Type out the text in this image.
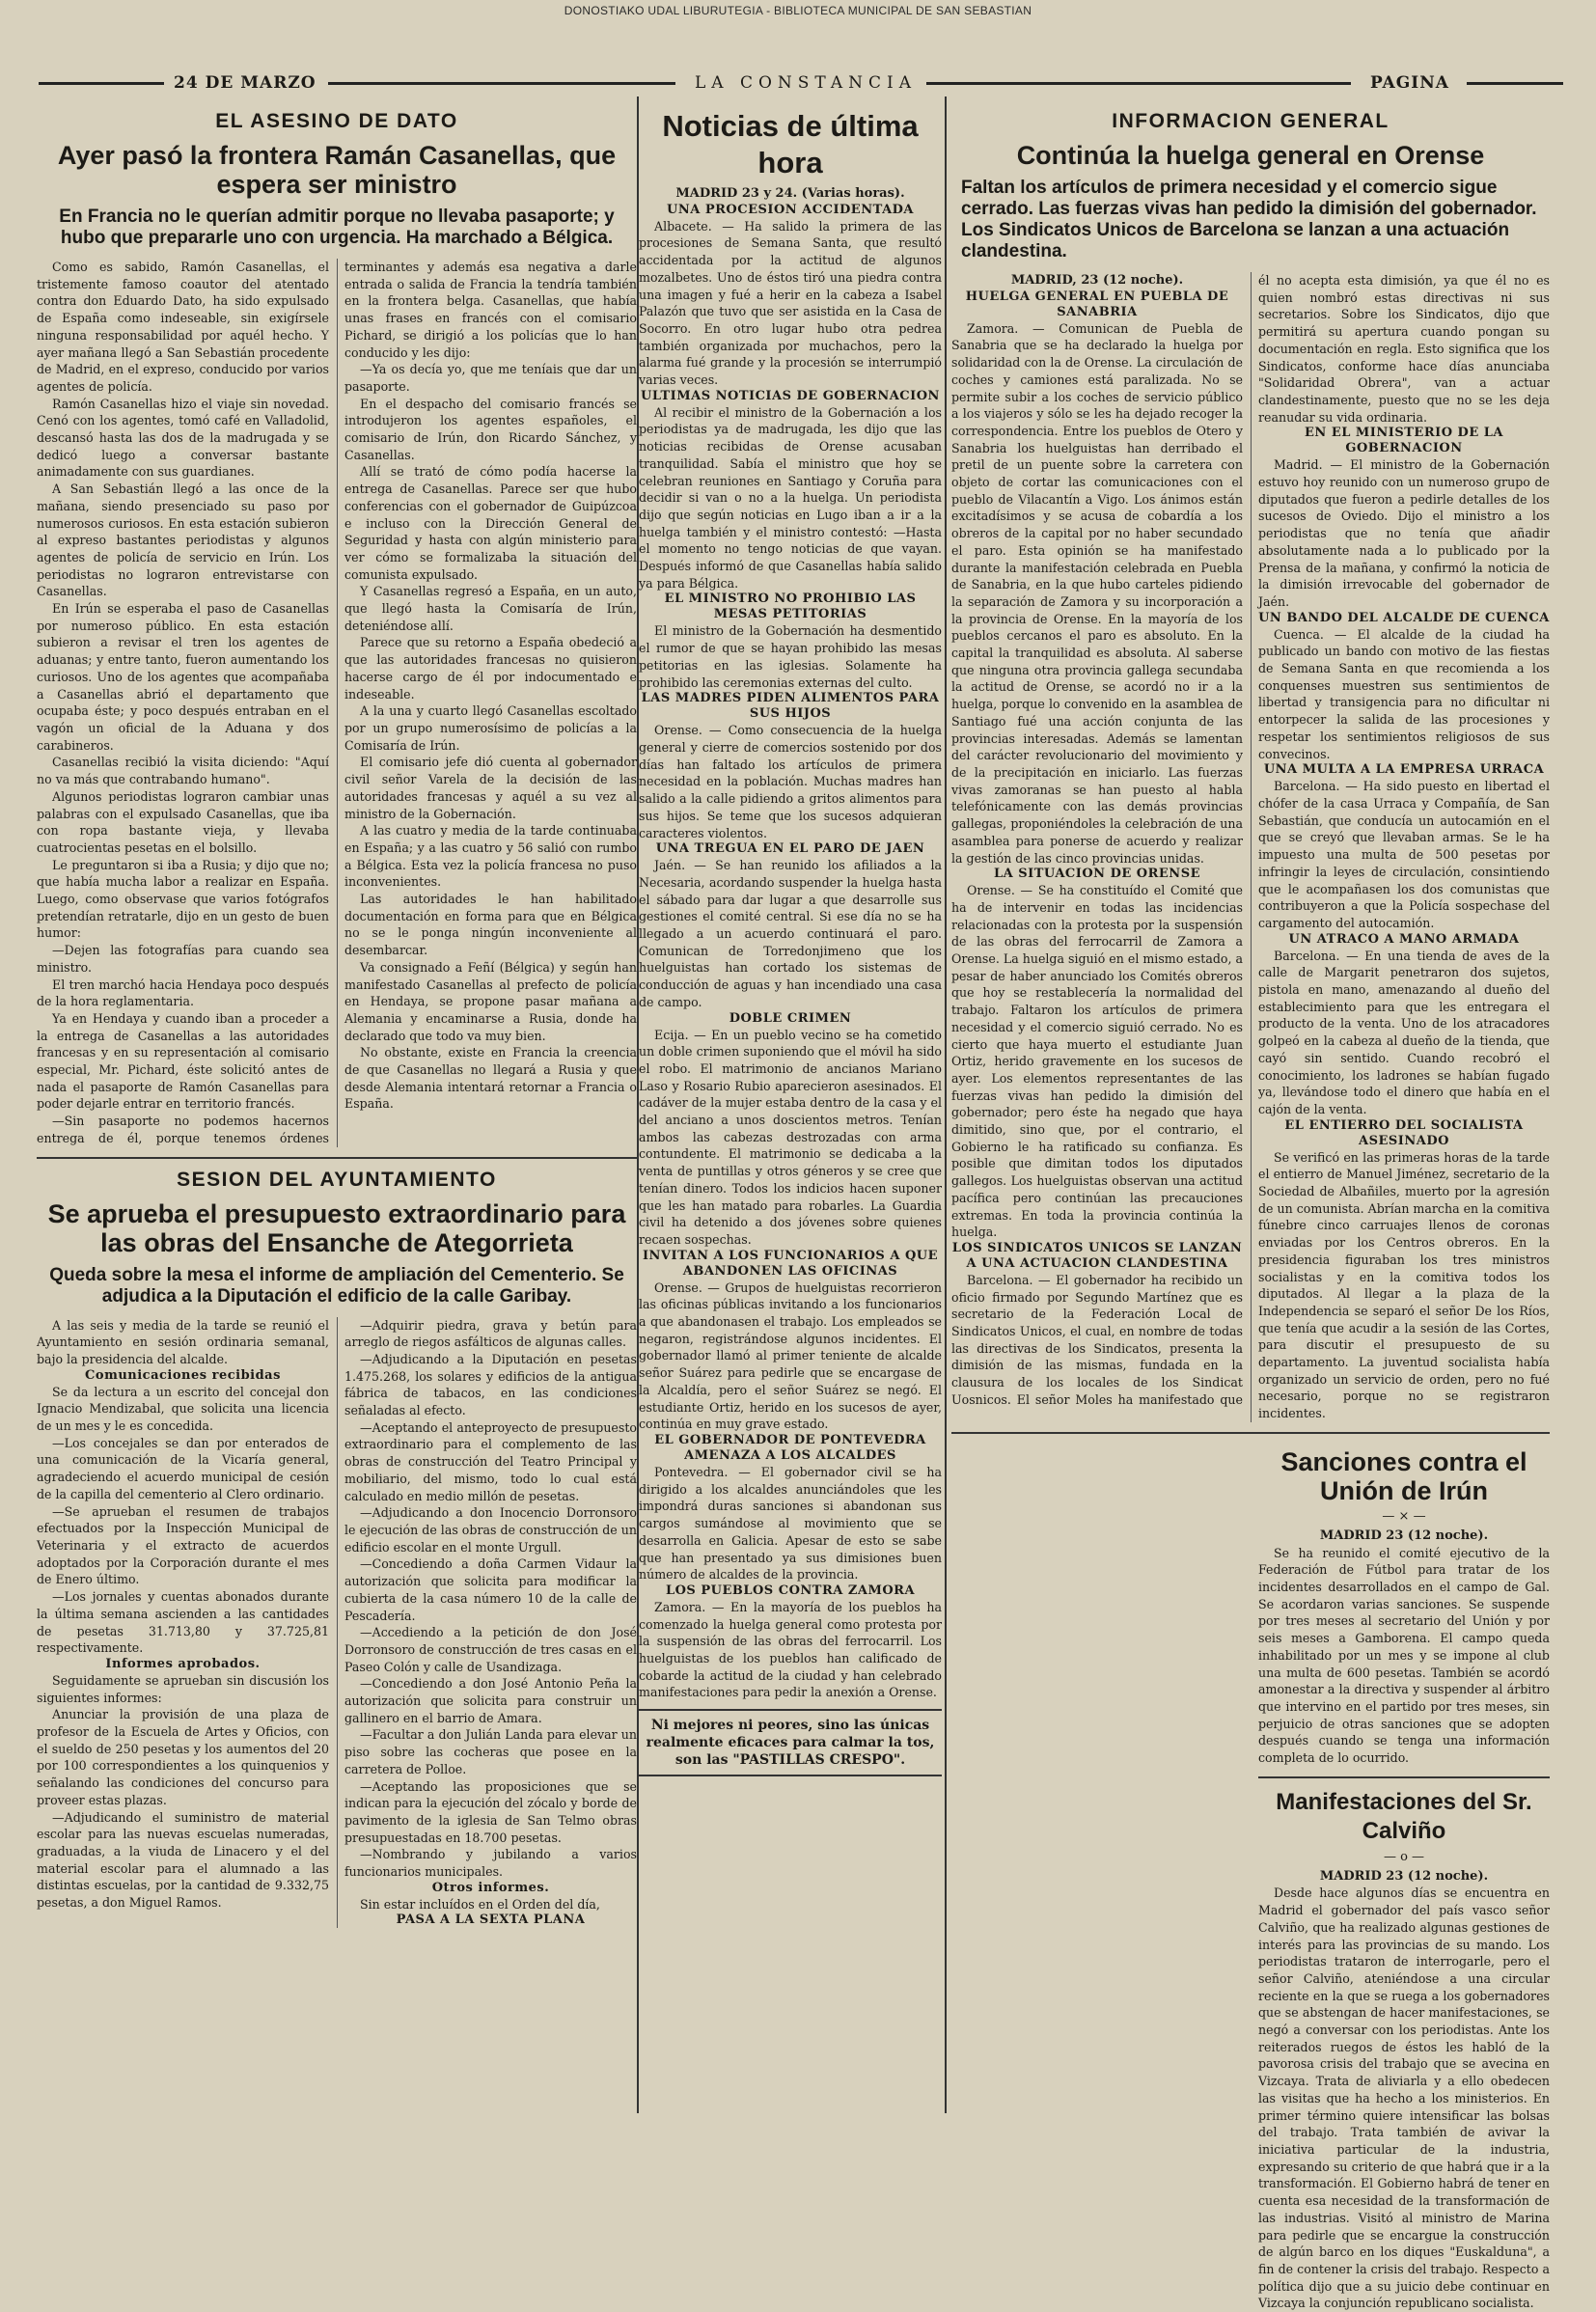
DONOSTIAKO UDAL LIBURUTEGIA - BIBLIOTECA MUNICIPAL DE SAN SEBASTIAN
24 DE MARZO	LA CONSTANCIA	PAGINA
EL ASESINO DE DATO
Ayer pasó la frontera Ramán Casanellas, que espera ser ministro
En Francia no le querían admitir porque no llevaba pasaporte; y hubo que prepararle uno con urgencia. Ha marchado a Bélgica.

Como es sabido, Ramón Casanellas, el tristemente famoso coautor del atentado contra don Eduardo Dato, ha sido expulsado de España como indeseable, sin exigírsele ninguna responsabilidad por aquél hecho. Y ayer mañana llegó a San Sebastián procedente de Madrid, en el expreso, conducido por varios agentes de policía.

Ramón Casanellas hizo el viaje sin novedad. Cenó con los agentes, tomó café en Valladolid, descansó hasta las dos de la madrugada y se dedicó luego a conversar bastante animadamente con sus guardianes.

A San Sebastián llegó a las once de la mañana, siendo presenciado su paso por numerosos curiosos. En esta estación subieron al expreso bastantes periodistas y algunos agentes de policía de servicio en Irún. Los periodistas no lograron entrevistarse con Casanellas.

En Irún se esperaba el paso de Casanellas por numeroso público. En esta estación subieron a revisar el tren los agentes de aduanas; y entre tanto, fueron aumentando los curiosos. Uno de los agentes que acompañaba a Casanellas abrió el departamento que ocupaba éste; y poco después entraban en el vagón un oficial de la Aduana y dos carabineros.

Casanellas recibió la visita diciendo: "Aquí no va más que contrabando humano".

Algunos periodistas lograron cambiar unas palabras con el expulsado Casanellas, que iba con ropa bastante vieja, y llevaba cuatrocientas pesetas en el bolsillo.

Le preguntaron si iba a Rusia; y dijo que no; que había mucha labor a realizar en España. Luego, como observase que varios fotógrafos pretendían retratarle, dijo en un gesto de buen humor:

—Dejen las fotografías para cuando sea ministro.

El tren marchó hacia Hendaya poco después de la hora reglamentaria.

Ya en Hendaya y cuando iban a proceder a la entrega de Casanellas a las autoridades francesas y en su representación al comisario especial, Mr. Pichard, éste solicitó antes de nada el pasaporte de Ramón Casanellas para poder dejarle entrar en territorio francés.

—Sin pasaporte no podemos hacernos entrega de él, porque tenemos órdenes terminantes y además esa negativa a darle entrada o salida de Francia la tendría también en la frontera belga. Casanellas, que había unas frases en francés con el comisario Pichard, se dirigió a los policías que lo han conducido y les dijo:

—Ya os decía yo, que me teníais que dar un pasaporte.

En el despacho del comisario francés se introdujeron los agentes españoles, el comisario de Irún, don Ricardo Sánchez, y Casanellas.

Allí se trató de cómo podía hacerse la entrega de Casanellas. Parece ser que hubo conferencias con el gobernador de Guipúzcoa e incluso con la Dirección General de Seguridad y hasta con algún ministerio para ver cómo se formalizaba la situación del comunista expulsado.

Y Casanellas regresó a España, en un auto, que llegó hasta la Comisaría de Irún, deteniéndose allí.

Parece que su retorno a España obedeció a que las autoridades francesas no quisieron hacerse cargo de él por indocumentado e indeseable.

A la una y cuarto llegó Casanellas escoltado por un grupo numerosísimo de policías a la Comisaría de Irún.

El comisario jefe dió cuenta al gobernador civil señor Varela de la decisión de las autoridades francesas y aquél a su vez al ministro de la Gobernación.

A las cuatro y media de la tarde continuaba en España; y a las cuatro y 56 salió con rumbo a Bélgica. Esta vez la policía francesa no puso inconvenientes.

Las autoridades le han habilitado documentación en forma para que en Bélgica no se le ponga ningún inconveniente al desembarcar.

Va consignado a Feñí (Bélgica) y según han manifestado Casanellas al prefecto de policía en Hendaya, se propone pasar mañana a Alemania y encaminarse a Rusia, donde ha declarado que todo va muy bien.

No obstante, existe en Francia la creencia de que Casanellas no llegará a Rusia y que desde Alemania intentará retornar a Francia o España.

SESION DEL AYUNTAMIENTO
Se aprueba el presupuesto extraordinario para las obras del Ensanche de Ategorrieta
Queda sobre la mesa el informe de ampliación del Cementerio. Se adjudica a la Diputación el edificio de la calle Garibay.

A las seis y media de la tarde se reunió el Ayuntamiento en sesión ordinaria semanal, bajo la presidencia del alcalde.

Comunicaciones recibidas

Se da lectura a un escrito del concejal don Ignacio Mendizabal, que solicita una licencia de un mes y le es concedida.

—Los concejales se dan por enterados de una comunicación de la Vicaría general, agradeciendo el acuerdo municipal de cesión de la capilla del cementerio al Clero ordinario.

—Se aprueban el resumen de trabajos efectuados por la Inspección Municipal de Veterinaria y el extracto de acuerdos adoptados por la Corporación durante el mes de Enero último.

—Los jornales y cuentas abonados durante la última semana ascienden a las cantidades de pesetas 31.713,80 y 37.725,81 respectivamente.

Informes aprobados.

Seguidamente se aprueban sin discusión los siguientes informes:

Anunciar la provisión de una plaza de profesor de la Escuela de Artes y Oficios, con el sueldo de 250 pesetas y los aumentos del 20 por 100 correspondientes a los quinquenios y señalando las condiciones del concurso para proveer estas plazas.

—Adjudicando el suministro de material escolar para las nuevas escuelas numeradas, graduadas, a la viuda de Linacero y el del material escolar para el alumnado a las distintas escuelas, por la cantidad de 9.332,75 pesetas, a don Miguel Ramos.

—Adquirir piedra, grava y betún para arreglo de riegos asfálticos de algunas calles.

—Adjudicando a la Diputación en pesetas 1.475.268, los solares y edificios de la antigua fábrica de tabacos, en las condiciones señaladas al efecto.

—Aceptando el anteproyecto de presupuesto extraordinario para el complemento de las obras de construcción del Teatro Principal y mobiliario, del mismo, todo lo cual está calculado en medio millón de pesetas.

—Adjudicando a don Inocencio Dorronsoro le ejecución de las obras de construcción de un edificio escolar en el monte Urgull.

—Concediendo a doña Carmen Vidaur la autorización que solicita para modificar la cubierta de la casa número 10 de la calle de Pescadería.

—Accediendo a la petición de don José Dorronsoro de construcción de tres casas en el Paseo Colón y calle de Usandizaga.

—Concediendo a don José Antonio Peña la autorización que solicita para construir un gallinero en el barrio de Amara.

—Facultar a don Julián Landa para elevar un piso sobre las cocheras que posee en la carretera de Polloe.

—Aceptando las proposiciones que se indican para la ejecución del zócalo y borde de pavimento de la iglesia de San Telmo obras presupuestadas en 18.700 pesetas.

—Nombrando y jubilando a varios funcionarios municipales.

Otros informes.

Sin estar incluídos en el Orden del día,

PASA A LA SEXTA PLANA

Noticias de última hora

MADRID 23 y 24. (Varias horas).

UNA PROCESION ACCIDENTADA

Albacete. — Ha salido la primera de las procesiones de Semana Santa, que resultó accidentada por la actitud de algunos mozalbetes. Uno de éstos tiró una piedra contra una imagen y fué a herir en la cabeza a Isabel Palazón que tuvo que ser asistida en la Casa de Socorro. En otro lugar hubo otra pedrea también organizada por muchachos, pero la alarma fué grande y la procesión se interrumpió varias veces.

ULTIMAS NOTICIAS DE GOBERNACION

Al recibir el ministro de la Gobernación a los periodistas ya de madrugada, les dijo que las noticias recibidas de Orense acusaban tranquilidad. Sabía el ministro que hoy se celebran reuniones en Santiago y Coruña para decidir si van o no a la huelga. Un periodista dijo que según noticias en Lugo iban a ir a la huelga también y el ministro contestó: —Hasta el momento no tengo noticias de que vayan. Después informó de que Casanellas había salido ya para Bélgica.

EL MINISTRO NO PROHIBIO LAS MESAS PETITORIAS

El ministro de la Gobernación ha desmentido el rumor de que se hayan prohibido las mesas petitorias en las iglesias. Solamente ha prohibido las ceremonias externas del culto.

LAS MADRES PIDEN ALIMENTOS PARA SUS HIJOS

Orense. — Como consecuencia de la huelga general y cierre de comercios sostenido por dos días han faltado los artículos de primera necesidad en la población. Muchas madres han salido a la calle pidiendo a gritos alimentos para sus hijos. Se teme que los sucesos adquieran caracteres violentos.

UNA TREGUA EN EL PARO DE JAEN

Jaén. — Se han reunido los afiliados a la Necesaria, acordando suspender la huelga hasta el sábado para dar lugar a que desarrolle sus gestiones el comité central. Si ese día no se ha llegado a un acuerdo continuará el paro. Comunican de Torredonjimeno que los huelguistas han cortado los sistemas de conducción de aguas y han incendiado una casa de campo.

DOBLE CRIMEN

Ecija. — En un pueblo vecino se ha cometido un doble crimen suponiendo que el móvil ha sido el robo. El matrimonio de ancianos Mariano Laso y Rosario Rubio aparecieron asesinados. El cadáver de la mujer estaba dentro de la casa y el del anciano a unos doscientos metros. Tenían ambos las cabezas destrozadas con arma contundente. El matrimonio se dedicaba a la venta de puntillas y otros géneros y se cree que tenían dinero. Todos los indicios hacen suponer que les han matado para robarles. La Guardia civil ha detenido a dos jóvenes sobre quienes recaen sospechas.

INVITAN A LOS FUNCIONARIOS A QUE ABANDONEN LAS OFICINAS

Orense. — Grupos de huelguistas recorrieron las oficinas públicas invitando a los funcionarios a que abandonasen el trabajo. Los empleados se negaron, registrándose algunos incidentes. El gobernador llamó al primer teniente de alcalde señor Suárez para pedirle que se encargase de la Alcaldía, pero el señor Suárez se negó. El estudiante Ortiz, herido en los sucesos de ayer, continúa en muy grave estado.

EL GOBERNADOR DE PONTEVEDRA AMENAZA A LOS ALCALDES

Pontevedra. — El gobernador civil se ha dirigido a los alcaldes anunciándoles que les impondrá duras sanciones si abandonan sus cargos sumándose al movimiento que se desarrolla en Galicia. Apesar de esto se sabe que han presentado ya sus dimisiones buen número de alcaldes de la provincia.

LOS PUEBLOS CONTRA ZAMORA

Zamora. — En la mayoría de los pueblos ha comenzado la huelga general como protesta por la suspensión de las obras del ferrocarril. Los huelguistas de los pueblos han calificado de cobarde la actitud de la ciudad y han celebrado manifestaciones para pedir la anexión a Orense.

Ni mejores ni peores, sino las únicas realmente eficaces para calmar la tos, son las "PASTILLAS CRESPO".
INFORMACION GENERAL
Continúa la huelga general en Orense
Faltan los artículos de primera necesidad y el comercio sigue cerrado. Las fuerzas vivas han pedido la dimisión del gobernador. Los Sindicatos Unicos de Barcelona se lanzan a una actuación clandestina.

MADRID, 23 (12 noche).

HUELGA GENERAL EN PUEBLA DE SANABRIA

Zamora. — Comunican de Puebla de Sanabria que se ha declarado la huelga por solidaridad con la de Orense. La circulación de coches y camiones está paralizada. No se permite subir a los coches de servicio público a los viajeros y sólo se les ha dejado recoger la correspondencia. Entre los pueblos de Otero y Sanabria los huelguistas han derribado el pretil de un puente sobre la carretera con objeto de cortar las comunicaciones con el pueblo de Vilacantín a Vigo. Los ánimos están excitadísimos y se acusa de cobardía a los obreros de la capital por no haber secundado el paro. Esta opinión se ha manifestado durante la manifestación celebrada en Puebla de Sanabria, en la que hubo carteles pidiendo la separación de Zamora y su incorporación a la provincia de Orense. En la mayoría de los pueblos cercanos el paro es absoluto. En la capital la tranquilidad es absoluta. Al saberse que ninguna otra provincia gallega secundaba la actitud de Orense, se acordó no ir a la huelga, porque lo convenido en la asamblea de Santiago fué una acción conjunta de las provincias interesadas. Además se lamentan del carácter revolucionario del movimiento y de la precipitación en iniciarlo. Las fuerzas vivas zamoranas se han puesto al habla telefónicamente con las demás provincias gallegas, proponiéndoles la celebración de una asamblea para ponerse de acuerdo y realizar la gestión de las cinco provincias unidas.

LA SITUACION DE ORENSE

Orense. — Se ha constituído el Comité que ha de intervenir en todas las incidencias relacionadas con la protesta por la suspensión de las obras del ferrocarril de Zamora a Orense. La huelga siguió en el mismo estado, a pesar de haber anunciado los Comités obreros que hoy se restablecería la normalidad del trabajo. Faltaron los artículos de primera necesidad y el comercio siguió cerrado. No es cierto que haya muerto el estudiante Juan Ortiz, herido gravemente en los sucesos de ayer. Los elementos representantes de las fuerzas vivas han pedido la dimisión del gobernador; pero éste ha negado que haya dimitido, sino que, por el contrario, el Gobierno le ha ratificado su confianza. Es posible que dimitan todos los diputados gallegos. Los huelguistas observan una actitud pacífica pero continúan las precauciones extremas. En toda la provincia continúa la huelga.

LOS SINDICATOS UNICOS SE LANZAN A UNA ACTUACION CLANDESTINA

Barcelona. — El gobernador ha recibido un oficio firmado por Segundo Martínez que es secretario de la Federación Local de Sindicatos Unicos, el cual, en nombre de todas las directivas de los Sindicatos, presenta la dimisión de las mismas, fundada en la clausura de los locales de los Sindicat Uosnicos. El señor Moles ha manifestado que él no acepta esta dimisión, ya que él no es quien nombró estas directivas ni sus secretarios. Sobre los Sindicatos, dijo que permitirá su apertura cuando pongan su documentación en regla. Esto significa que los Sindicatos, conforme hace días anunciaba "Solidaridad Obrera", van a actuar clandestinamente, puesto que no se les deja reanudar su vida ordinaria.

EN EL MINISTERIO DE LA GOBERNACION

Madrid. — El ministro de la Gobernación estuvo hoy reunido con un numeroso grupo de diputados que fueron a pedirle detalles de los sucesos de Oviedo. Dijo el ministro a los periodistas que no tenía que añadir absolutamente nada a lo publicado por la Prensa de la mañana, y confirmó la noticia de la dimisión irrevocable del gobernador de Jaén.

UN BANDO DEL ALCALDE DE CUENCA

Cuenca. — El alcalde de la ciudad ha publicado un bando con motivo de las fiestas de Semana Santa en que recomienda a los conquenses muestren sus sentimientos de libertad y transigencia para no dificultar ni entorpecer la salida de las procesiones y respetar los sentimientos religiosos de sus convecinos.

UNA MULTA A LA EMPRESA URRACA

Barcelona. — Ha sido puesto en libertad el chófer de la casa Urraca y Compañía, de San Sebastián, que conducía un autocamión en el que se creyó que llevaban armas. Se le ha impuesto una multa de 500 pesetas por infringir la leyes de circulación, consintiendo que le acompañasen los dos comunistas que contribuyeron a que la Policía sospechase del cargamento del autocamión.

UN ATRACO A MANO ARMADA

Barcelona. — En una tienda de aves de la calle de Margarit penetraron dos sujetos, pistola en mano, amenazando al dueño del establecimiento para que les entregara el producto de la venta. Uno de los atracadores golpeó en la cabeza al dueño de la tienda, que cayó sin sentido. Cuando recobró el conocimiento, los ladrones se habían fugado ya, llevándose todo el dinero que había en el cajón de la venta.

EL ENTIERRO DEL SOCIALISTA ASESINADO

Se verificó en las primeras horas de la tarde el entierro de Manuel Jiménez, secretario de la Sociedad de Albañiles, muerto por la agresión de un comunista. Abrían marcha en la comitiva fúnebre cinco carruajes llenos de coronas enviadas por los Centros obreros. En la presidencia figuraban los tres ministros socialistas y en la comitiva todos los diputados. Al llegar a la plaza de la Independencia se separó el señor De los Ríos, que tenía que acudir a la sesión de las Cortes, para discutir el presupuesto de su departamento. La juventud socialista había organizado un servicio de orden, pero no fué necesario, porque no se registraron incidentes.

Sanciones contra el Unión de Irún
— × —

MADRID 23 (12 noche).

Se ha reunido el comité ejecutivo de la Federación de Fútbol para tratar de los incidentes desarrollados en el campo de Gal. Se acordaron varias sanciones. Se suspende por tres meses al secretario del Unión y por seis meses a Gamborena. El campo queda inhabilitado por un mes y se impone al club una multa de 600 pesetas. También se acordó amonestar a la directiva y suspender al árbitro que intervino en el partido por tres meses, sin perjuicio de otras sanciones que se adopten después cuando se tenga una información completa de lo ocurrido.

Manifestaciones del Sr. Calviño
— o —

MADRID 23 (12 noche).

Desde hace algunos días se encuentra en Madrid el gobernador del país vasco señor Calviño, que ha realizado algunas gestiones de interés para las provincias de su mando. Los periodistas trataron de interrogarle, pero el señor Calviño, ateniéndose a una circular reciente en la que se ruega a los gobernadores que se abstengan de hacer manifestaciones, se negó a conversar con los periodistas. Ante los reiterados ruegos de éstos les habló de la pavorosa crisis del trabajo que se avecina en Vizcaya. Trata de aliviarla y a ello obedecen las visitas que ha hecho a los ministerios. En primer término quiere intensificar las bolsas del trabajo. Trata también de avivar la iniciativa particular de la industria, expresando su criterio de que habrá que ir a la transformación. El Gobierno habrá de tener en cuenta esa necesidad de la transformación de las industrias. Visitó al ministro de Marina para pedirle que se encargue la construcción de algún barco en los diques "Euskalduna", a fin de contener la crisis del trabajo. Respecto a política dijo que a su juicio debe continuar en Vizcaya la conjunción republicano socialista.
